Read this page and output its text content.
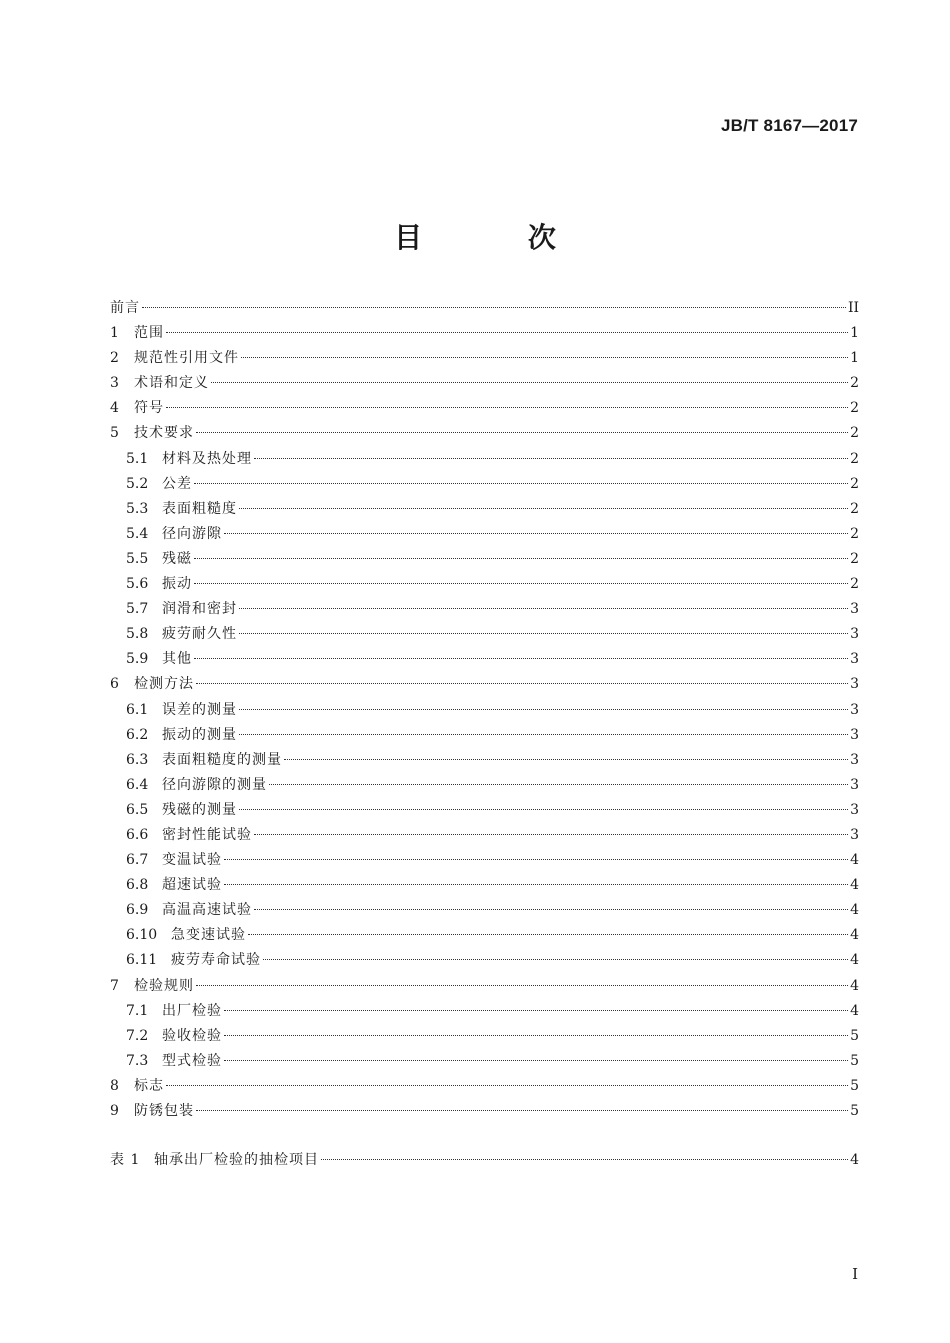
JB/T 8167—2017
目 次
前言	II
1	范围	1
2	规范性引用文件	1
3	术语和定义	2
4	符号	2
5	技术要求	2
5.1 材料及热处理	2
5.2 公差	2
5.3 表面粗糙度	2
5.4 径向游隙	2
5.5 残磁	2
5.6 振动	2
5.7 润滑和密封	3
5.8 疲劳耐久性	3
5.9 其他	3
6	检测方法	3
6.1 误差的测量	3
6.2 振动的测量	3
6.3 表面粗糙度的测量	3
6.4 径向游隙的测量	3
6.5 残磁的测量	3
6.6 密封性能试验	3
6.7 变温试验	4
6.8 超速试验	4
6.9 高温高速试验	4
6.10 急变速试验	4
6.11 疲劳寿命试验	4
7	检验规则	4
7.1 出厂检验	4
7.2 验收检验	5
7.3 型式检验	5
8	标志	5
9	防锈包装	5
表 1 轴承出厂检验的抽检项目	4
I
